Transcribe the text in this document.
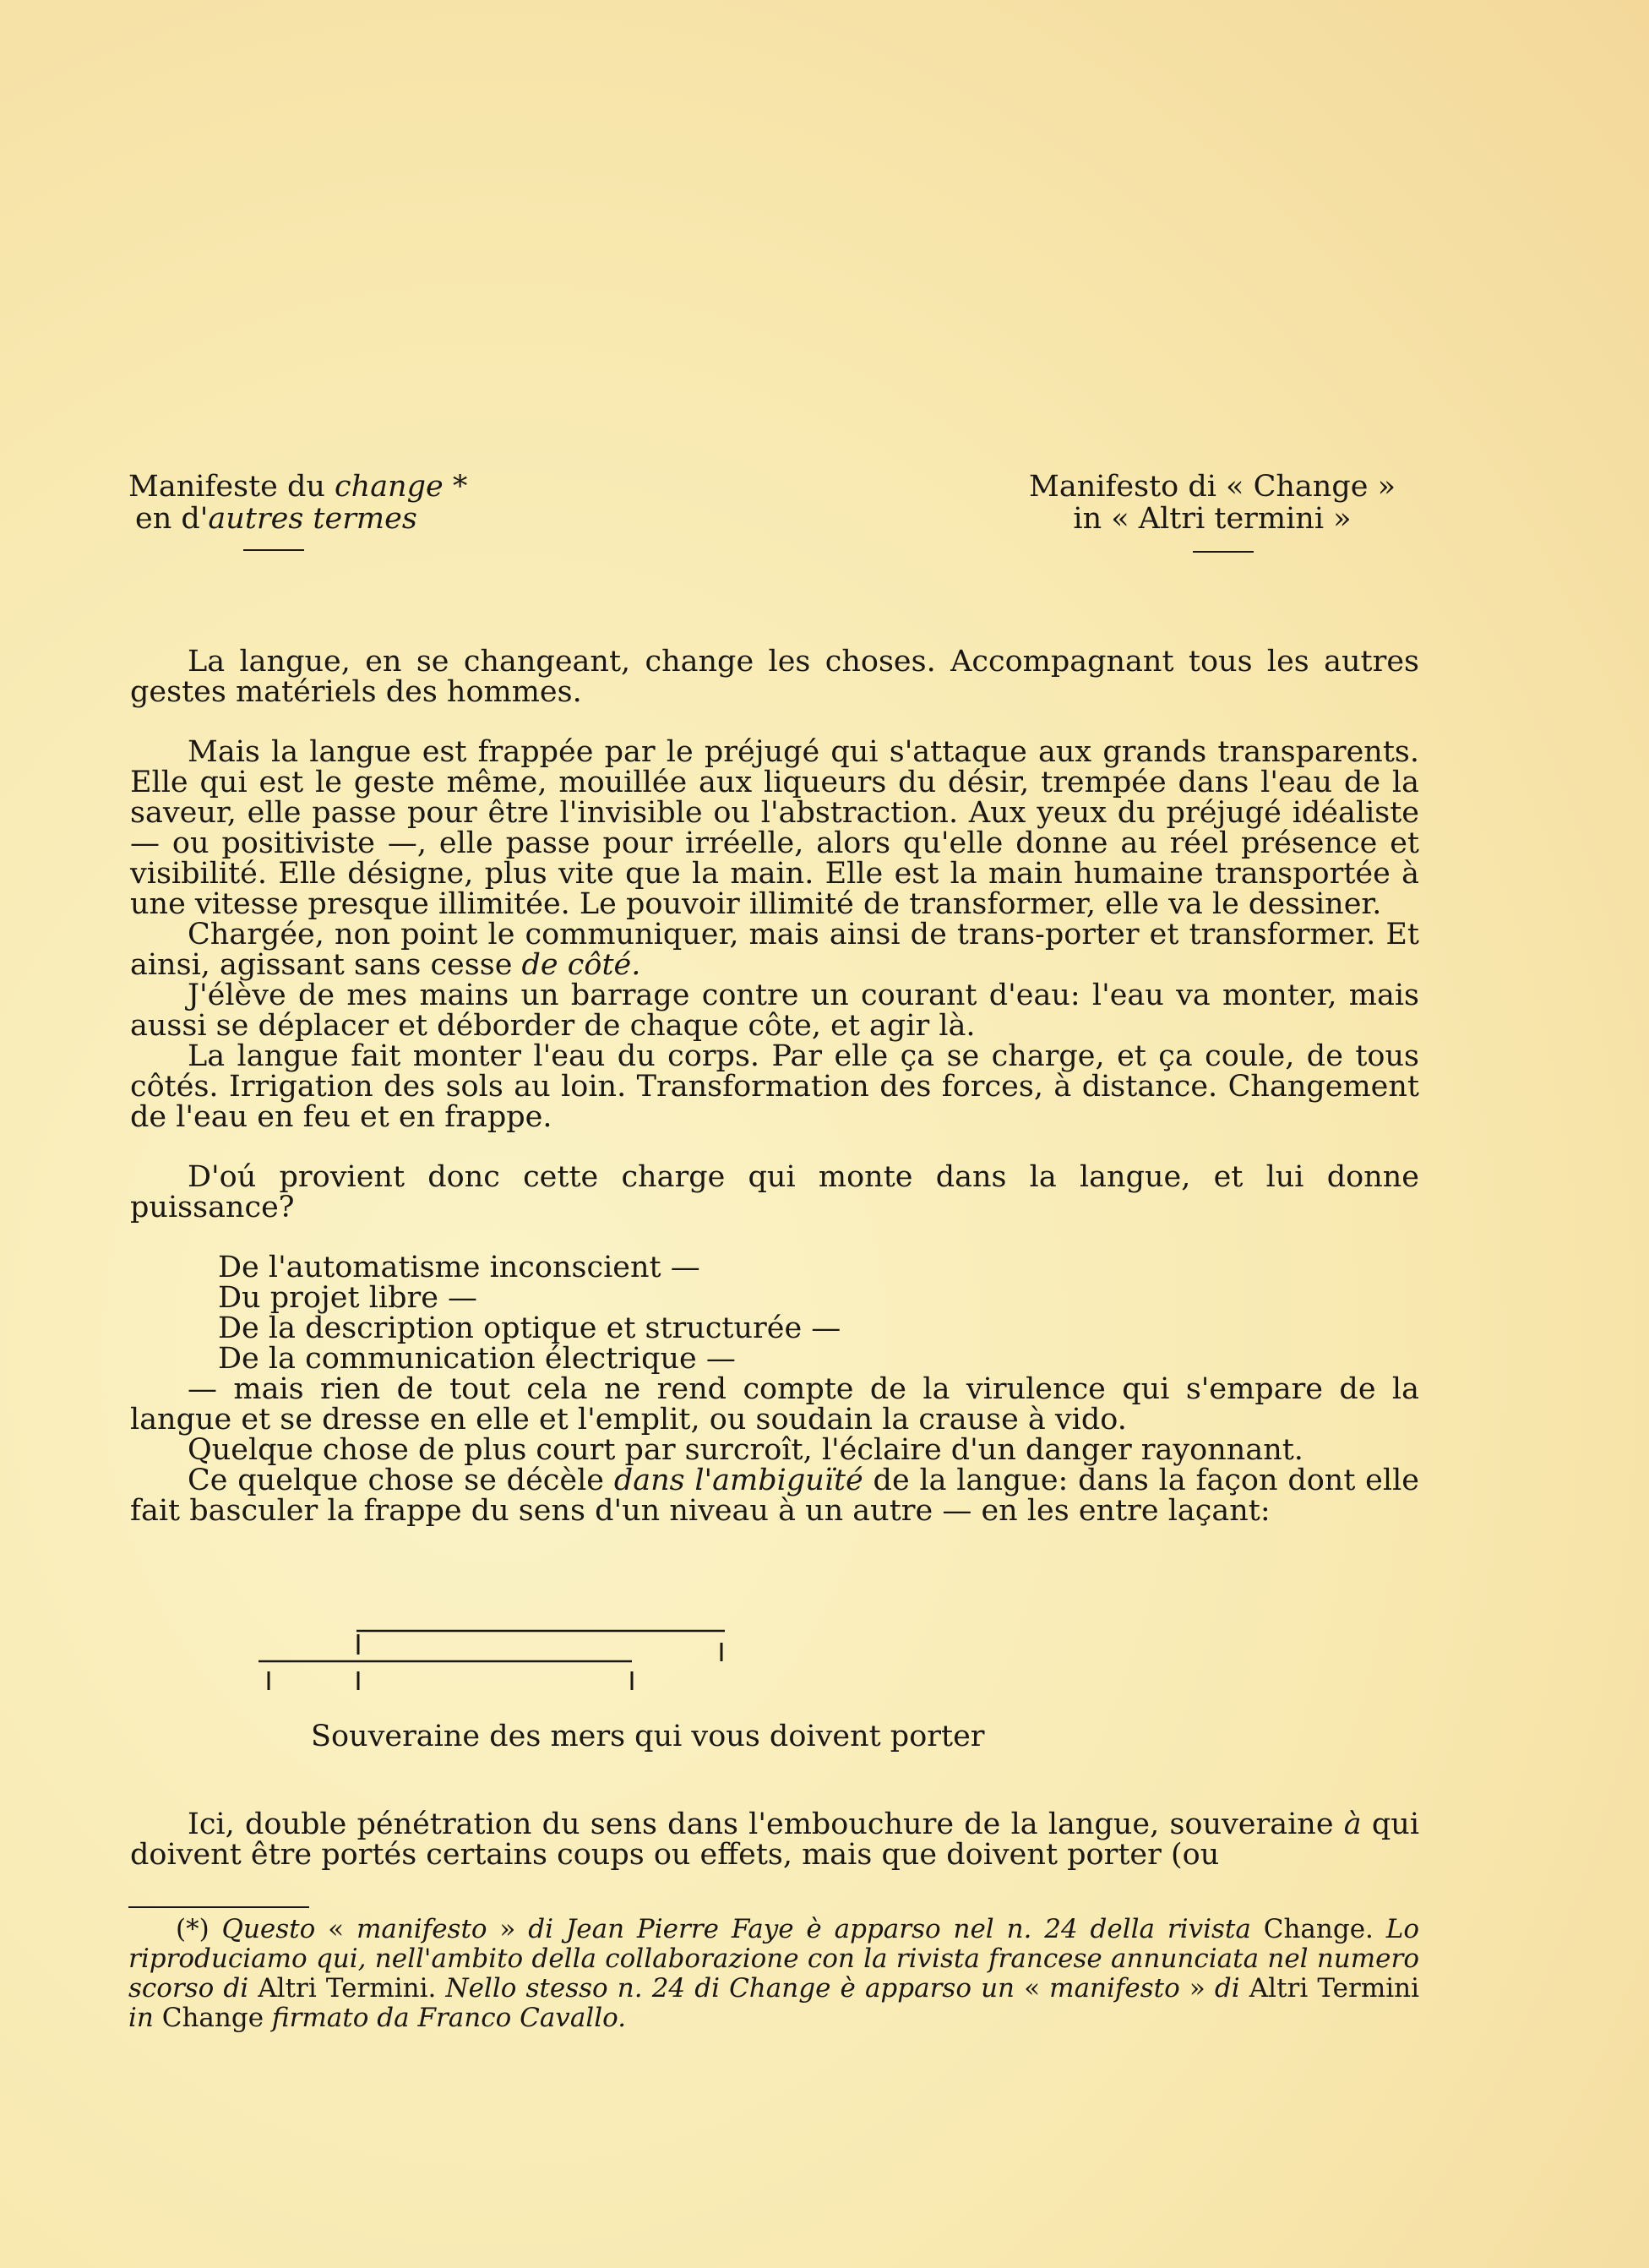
Manifeste du change *
en d'autres termes
Manifesto di « Change »
in « Altri termini »

La langue, en se changeant, change les choses. Accompagnant tous les autres gestes matériels des hommes.

Mais la langue est frappée par le préjugé qui s'attaque aux grands transparents. Elle qui est le geste même, mouillée aux liqueurs du désir, trempée dans l'eau de la saveur, elle passe pour être l'invisible ou l'abstraction. Aux yeux du préjugé idéaliste — ou positiviste —, elle passe pour irréelle, alors qu'elle donne au réel présence et visibilité. Elle désigne, plus vite que la main. Elle est la main humaine transportée à une vitesse presque illimitée. Le pouvoir illimité de transformer, elle va le dessiner.

Chargée, non point le communiquer, mais ainsi de trans-porter et transformer. Et ainsi, agissant sans cesse de côté.

J'élève de mes mains un barrage contre un courant d'eau: l'eau va monter, mais aussi se déplacer et déborder de chaque côte, et agir là.

La langue fait monter l'eau du corps. Par elle ça se charge, et ça coule, de tous côtés. Irrigation des sols au loin. Transformation des forces, à distance. Changement de l'eau en feu et en frappe.

D'oú provient donc cette charge qui monte dans la langue, et lui donne puissance?

De l'automatisme inconscient —

Du projet libre —

De la description optique et structurée —

De la communication électrique —

— mais rien de tout cela ne rend compte de la virulence qui s'empare de la langue et se dresse en elle et l'emplit, ou soudain la crause à vido.

Quelque chose de plus court par surcroît, l'éclaire d'un danger rayonnant.

Ce quelque chose se décèle dans l'ambiguïté de la langue: dans la façon dont elle fait basculer la frappe du sens d'un niveau à un autre — en les entre laçant:

Souveraine des mers qui vous doivent porter

Ici, double pénétration du sens dans l'embouchure de la langue, souveraine à qui doivent être portés certains coups ou effets, mais que doivent porter (ou

(*) Questo « manifesto » di Jean Pierre Faye è apparso nel n. 24 della rivista Change. Lo riproduciamo qui, nell'ambito della collaborazione con la rivista francese annunciata nel numero scorso di Altri Termini. Nello stesso n. 24 di Change è apparso un « manifesto » di Altri Termini in Change firmato da Franco Cavallo.
